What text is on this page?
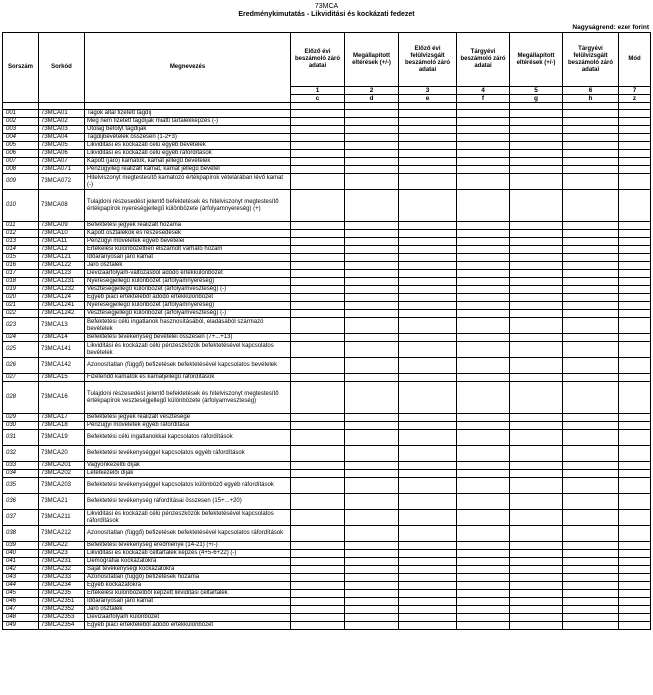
73MCA
Eredménykimutatás - Likviditási és kockázati fedezet
Nagyságrend: ezer forint
Sorszám	Sorkód	Megnevezés	Előző évi beszámoló záró adatai	Megállapított eltérések (+/-)	Előző évi felülvizsgált beszámoló záró adatai	Tárgyévi beszámoló záró adatai	Megállapított eltérések (+/-)	Tárgyévi felülvizsgált beszámoló záró adatai	Mód
			1	2	3	4	5	6	7
			c	d	e	f	g	h	z

001	73MCA01	Tagok által fizetett tagdíj							
002	73MCA02	Meg nem fizetett tagdíjak miatti tartalékképzés (-)							
003	73MCA03	Utólag befolyt tagdíjak							
004	73MCA04	Tagdíjbevételek összesen (1-2+3)							
005	73MCA05	Likviditási és kockázati célú egyéb bevételek							
006	73MCA06	Likviditási és kockázati célú egyéb ráfordítások							
007	73MCA07	Kapott (járó) kamatok, kamat jellegű bevételek							
008	73MCA071	Pénzügyileg realizált kamat, kamat jellegű bevétel							
009	73MCA072	Hitelviszonyt megtestesítő kamatozó értékpapírok vételárában lévő kamat (-)							
010	73MCA08	Tulajdoni részesedést jelentő befektetések és hitelviszonyt megtestesítő értékpapírok nyereségjellegű különbözete (árfolyamnyereség) (+)							
011	73MCA09	Befektetési jegyek realizált hozama							
012	73MCA10	Kapott osztalékok és részesedések							
013	73MCA11	Pénzügyi műveletek egyéb bevételei							
014	73MCA12	Értékelési különbözetben elszámolt várható hozam							
015	73MCA121	Időarányosan járó kamat							
016	73MCA122	Járó osztalék							
017	73MCA123	Devizaárfolyam-változásból adódó értékkülönbözet							
018	73MCA1231	Nyereségjellegű különbözet (árfolyamnyereség)							
019	73MCA1232	Veszteségjellegű különbözet (árfolyamveszteség) (-)							
020	73MCA124	Egyéb piaci értékteléből adódó értékkülönbözet							
021	73MCA1241	Nyereségjellegű különbözet (árfolyamnyereség)							
022	73MCA1242	Veszteségjellegű különbözet (árfolyamveszteség) (-)							
023	73MCA13	Befektetési célú ingatlanok hasznosításából, eladásából származó bevételek							
024	73MCA14	Befektetési tevékenység bevételei összesen (7+...+13)							
025	73MCA141	Likviditási és kockázati célú pénzeszközök befektetésével kapcsolatos bevételek							
026	73MCA142	Azonosítatlan (függő) befizetések befektetésével kapcsolatos bevételek							
027	73MCA15	Fizetendő kamatok és kamatjellegű ráfordítások							
028	73MCA16	Tulajdoni részesedést jelentő befektetések és hitelviszonyt megtestesítő értékpapírok veszteségjellegű különbözete (árfolyamveszteség)							
029	73MCA17	Befektetési jegyek realizált vesztesége							
030	73MCA18	Pénzügyi műveletek egyéb ráfordítása							
031	73MCA19	Befektetési célú ingatlanokkal kapcsolatos ráfordítások							
032	73MCA20	Befektetési tevékenységgel kapcsolatos egyéb ráfordítások							
033	73MCA201	Vagyonkezelői díjak							
034	73MCA202	Letétkezelői díjak							
035	73MCA203	Befektetési tevékenységgel kapcsolatos különböző egyéb ráfordítások							
036	73MCA21	Befektetési tevékenység ráfordításai összesen (15+...+20)							
037	73MCA211	Likviditási és kockázati célú pénzeszközök befektetésével kapcsolatos ráfordítások							
038	73MCA212	Azonosítatlan (függő) befizetések befektetésével kapcsolatos ráfordítások							
039	73MCA22	Befektetési tevékenység eredménye (14-21) (+/-)							
040	73MCA23	Likviditási és kockázati céltartalék képzés (4+5-6+22) (-)							
041	73MCA231	Demográfiai kockázatokra							
042	73MCA232	Saját tevékenységi kockázatokra							
043	73MCA233	Azonosítatlan (függő) befizetések hozama							
044	73MCA234	Egyéb kockázatokra							
045	73MCA235	Értékelési különbözetből képzett likviditási céltartalék							
046	73MCA2351	Időarányosan járó kamat							
047	73MCA2352	Járó osztalék							
048	73MCA2353	Devizaárfolyam különbözet							
049	73MCA2354	Egyéb piaci értékteléből adódó értékkülönbözet							
